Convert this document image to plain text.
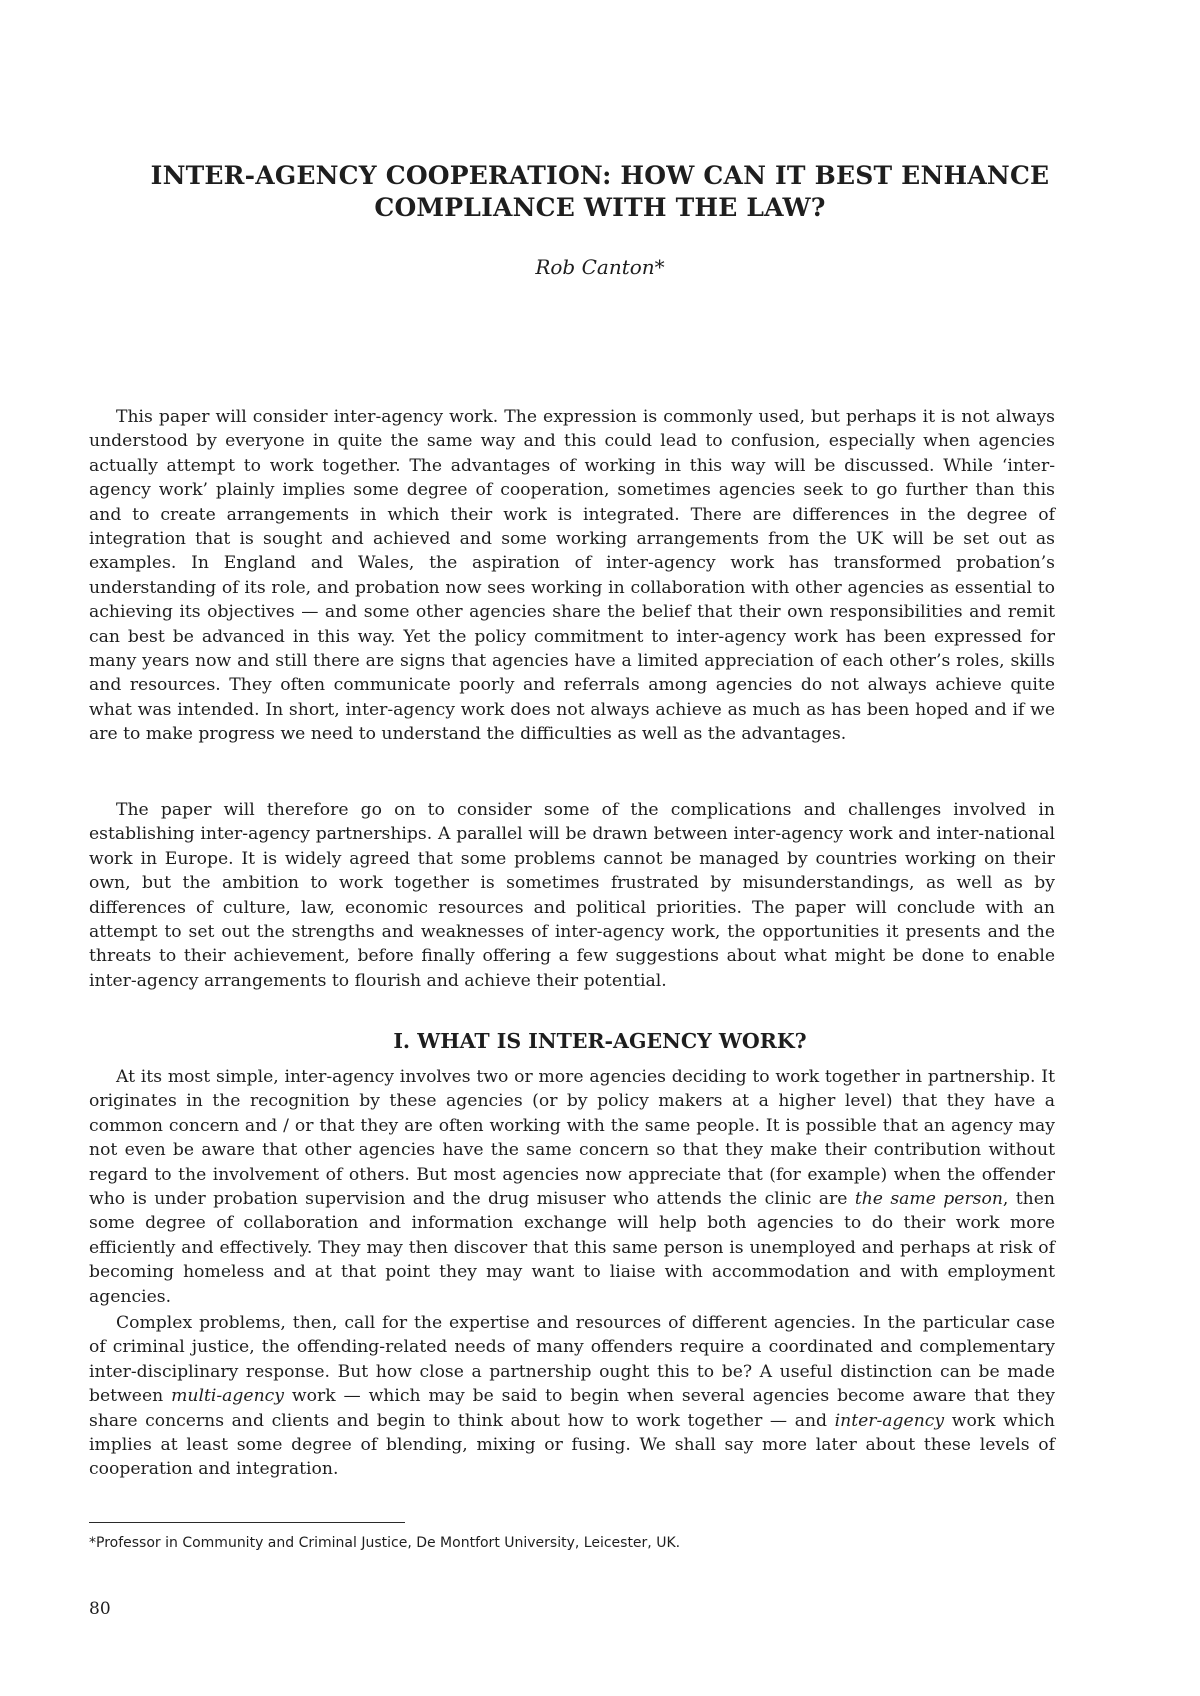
INTER-AGENCY COOPERATION: HOW CAN IT BEST ENHANCE
COMPLIANCE WITH THE LAW?

Rob Canton*

This paper will consider inter-agency work. The expression is commonly used, but perhaps it is not always understood by everyone in quite the same way and this could lead to confusion, especially when agencies actually attempt to work together. The advantages of working in this way will be discussed. While ‘inter-agency work’ plainly implies some degree of cooperation, sometimes agencies seek to go further than this and to create arrangements in which their work is integrated. There are differences in the degree of integration that is sought and achieved and some working arrangements from the UK will be set out as examples. In England and Wales, the aspiration of inter-agency work has transformed probation’s understanding of its role, and probation now sees working in collaboration with other agencies as essential to achieving its objectives — and some other agencies share the belief that their own responsibilities and remit can best be advanced in this way. Yet the policy commitment to inter-agency work has been expressed for many years now and still there are signs that agencies have a limited appreciation of each other’s roles, skills and resources. They often communicate poorly and referrals among agencies do not always achieve quite what was intended. In short, inter-agency work does not always achieve as much as has been hoped and if we are to make progress we need to understand the difficulties as well as the advantages.

The paper will therefore go on to consider some of the complications and challenges involved in establishing inter-agency partnerships. A parallel will be drawn between inter-agency work and inter-national work in Europe. It is widely agreed that some problems cannot be managed by countries working on their own, but the ambition to work together is sometimes frustrated by misunderstandings, as well as by differences of culture, law, economic resources and political priorities. The paper will conclude with an attempt to set out the strengths and weaknesses of inter-agency work, the opportunities it presents and the threats to their achievement, before finally offering a few suggestions about what might be done to enable inter-agency arrangements to flourish and achieve their potential.

I. WHAT IS INTER-AGENCY WORK?

At its most simple, inter-agency involves two or more agencies deciding to work together in partnership. It originates in the recognition by these agencies (or by policy makers at a higher level) that they have a common concern and / or that they are often working with the same people. It is possible that an agency may not even be aware that other agencies have the same concern so that they make their contribution without regard to the involvement of others. But most agencies now appreciate that (for example) when the offender who is under probation supervision and the drug misuser who attends the clinic are the same person, then some degree of collaboration and information exchange will help both agencies to do their work more efficiently and effectively. They may then discover that this same person is unemployed and perhaps at risk of becoming homeless and at that point they may want to liaise with accommodation and with employment agencies.

Complex problems, then, call for the expertise and resources of different agencies. In the particular case of criminal justice, the offending-related needs of many offenders require a coordinated and complementary inter-disciplinary response. But how close a partnership ought this to be? A useful distinction can be made between multi-agency work — which may be said to begin when several agencies become aware that they share concerns and clients and begin to think about how to work together — and inter-agency work which implies at least some degree of blending, mixing or fusing. We shall say more later about these levels of cooperation and integration.

*Professor in Community and Criminal Justice, De Montfort University, Leicester, UK.

80
